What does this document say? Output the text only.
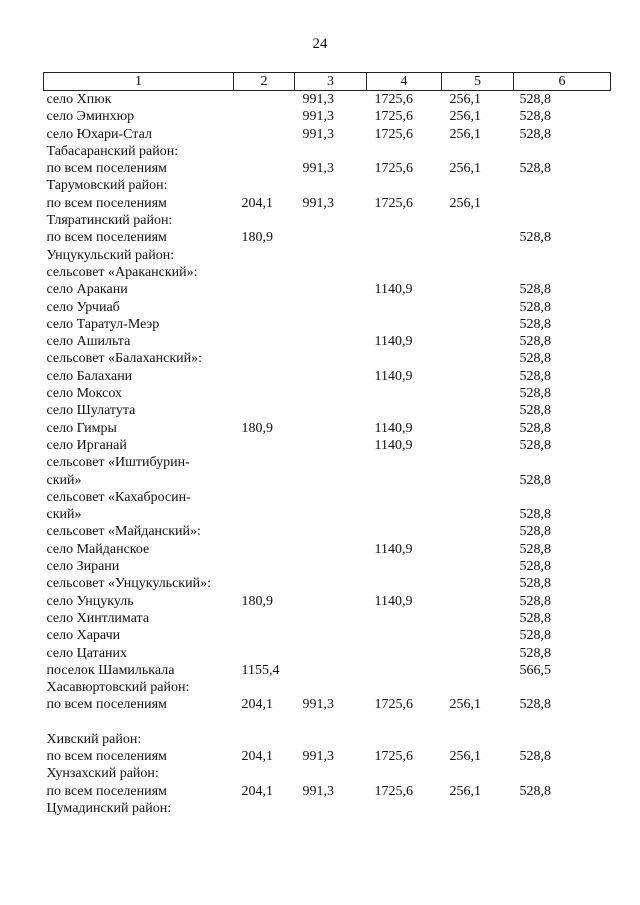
24
1	2	3	4	5	6
село Хпюк		991,3	1725,6	256,1	528,8
село Эминхюр		991,3	1725,6	256,1	528,8
село Юхари-Стал		991,3	1725,6	256,1	528,8
Табасаранский район:					
по всем поселениям		991,3	1725,6	256,1	528,8
Тарумовский район:					
по всем поселениям	204,1	991,3	1725,6	256,1	
Тляратинский район:					
по всем поселениям	180,9				528,8
Унцукульский район:					
сельсовет «Араканский»:					
село Аракани			1140,9		528,8
село Урчиаб					528,8
село Таратул-Меэр					528,8
село Ашильта			1140,9		528,8
сельсовет «Балаханский»:					528,8
село Балахани			1140,9		528,8
село Моксох					528,8
село Шулатута					528,8
село Гимры	180,9		1140,9		528,8
село Ирганай			1140,9		528,8
сельсовет «Иштибурин-					
ский»					528,8
сельсовет «Кахабросин-					
ский»					528,8
сельсовет «Майданский»:					528,8
село Майданское			1140,9		528,8
село Зирани					528,8
сельсовет «Унцукульский»:					528,8
село Унцукуль	180,9		1140,9		528,8
село Хинтлимата					528,8
село Харачи					528,8
село Цатаних					528,8
поселок Шамилькала	1155,4				566,5
Хасавюртовский район:					
по всем поселениям	204,1	991,3	1725,6	256,1	528,8

Хивский район:					
по всем поселениям	204,1	991,3	1725,6	256,1	528,8
Хунзахский район:					
по всем поселениям	204,1	991,3	1725,6	256,1	528,8
Цумадинский район:					
